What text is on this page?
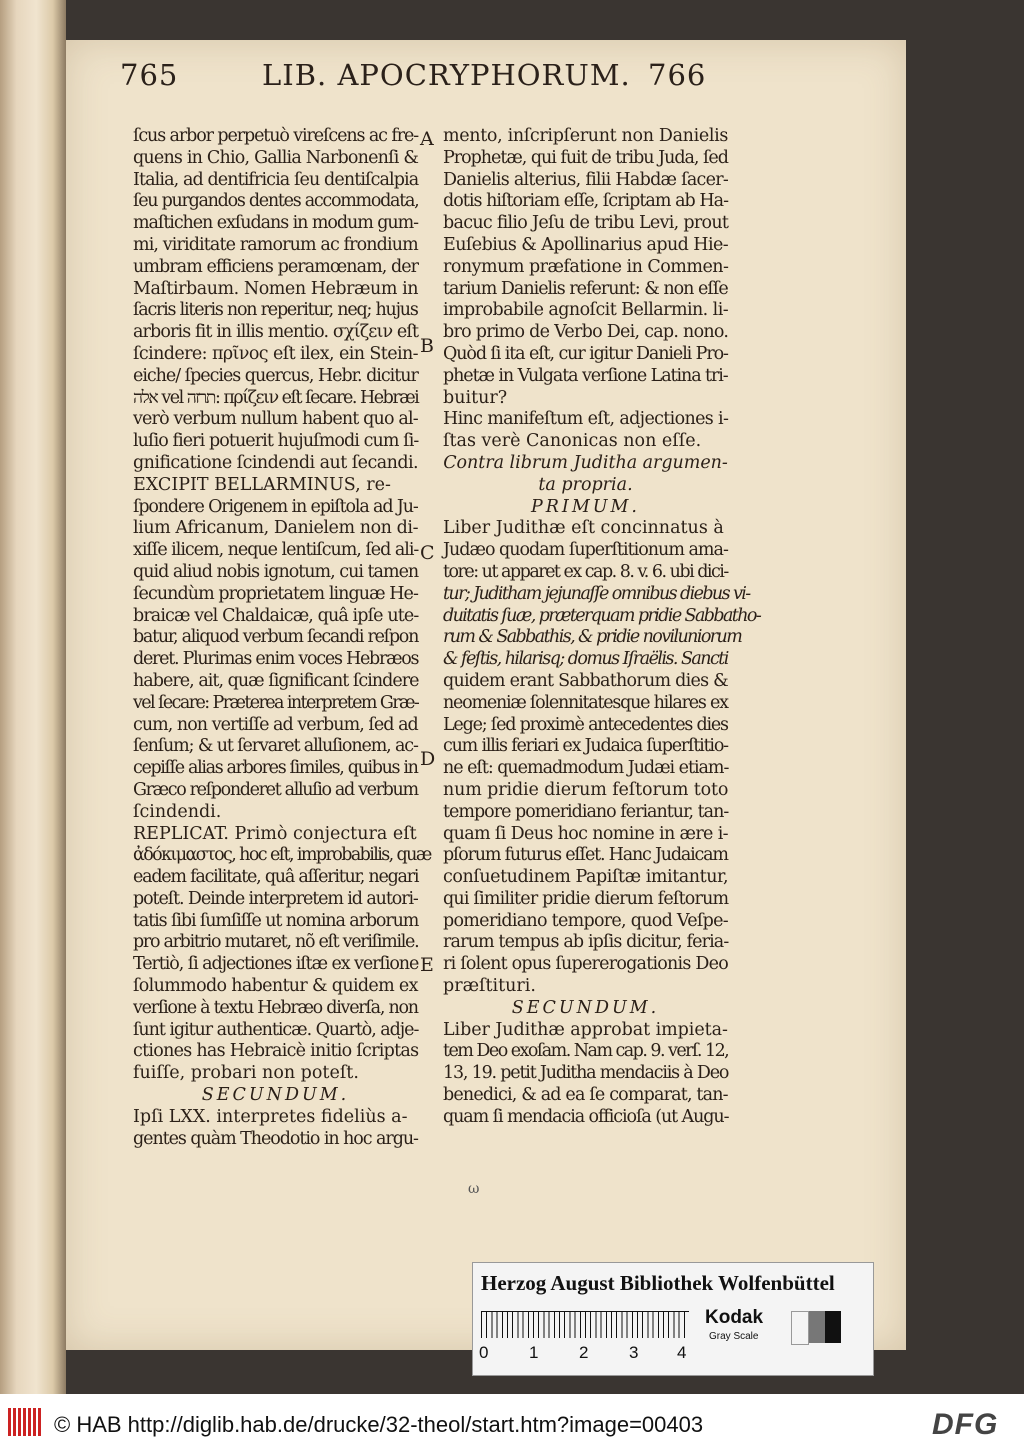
765	LIB. APOCRYPHORUM. 766
ſcus arbor perpetuò vireſcens ac fre-
quens in Chio, Gallia Narbonenſi &
Italia, ad dentifricia ſeu dentiſcalpia
ſeu purgandos dentes accommodata,
maſtichen exſudans in modum gum-
mi, viriditate ramorum ac frondium
umbram efficiens peramœnam, der
Maſtirbaum. Nomen Hebræum in
ſacris literis non reperitur, neq; hujus
arboris fit in illis mentio. σχίζειν eſt
ſcindere: πρῖνος eſt ilex, ein Stein-
eiche/ ſpecies quercus, Hebr. dicitur
אלה vel תרזה: πρίζειν eſt ſecare. Hebræi
verò verbum nullum habent quo al-
luſio fieri potuerit hujuſmodi cum ſi-
gnificatione ſcindendi aut ſecandi.
EXCIPIT BELLARMINUS, re-
ſpondere Origenem in epiſtola ad Ju-
lium Africanum, Danielem non di-
xiſſe ilicem, neque lentiſcum, ſed ali-
quid aliud nobis ignotum, cui tamen
ſecundùm proprietatem linguæ He-
braicæ vel Chaldaicæ, quâ ipſe ute-
batur, aliquod verbum ſecandi reſpon
deret. Plurimas enim voces Hebræos
habere, ait, quæ ſignificant ſcindere
vel ſecare: Præterea interpretem Græ-
cum, non vertiſſe ad verbum, ſed ad
ſenſum; & ut ſervaret alluſionem, ac-
cepiſſe alias arbores ſimiles, quibus in
Græco reſponderet alluſio ad verbum
ſcindendi.
REPLICAT. Primò conjectura eſt
ἀδόκιμαστος, hoc eſt, improbabilis, quæ
eadem facilitate, quâ aſſeritur, negari
poteſt. Deinde interpretem id autori-
tatis ſibi ſumſiſſe ut nomina arborum
pro arbitrio mutaret, nõ eſt veriſimile.
Tertiò, ſi adjectiones iſtæ ex verſione
ſolummodo habentur & quidem ex
verſione à textu Hebræo diverſa, non
ſunt igitur authenticæ. Quartò, adje-
ctiones has Hebraicè initio ſcriptas
fuiſſe, probari non poteſt.
SECUNDUM.
Ipſi LXX. interpretes fideliùs a-
gentes quàm Theodotio in hoc argu-
mento, inſcripſerunt non Danielis
Prophetæ, qui fuit de tribu Juda, ſed
Danielis alterius, filii Habdæ ſacer-
dotis hiſtoriam eſſe, ſcriptam ab Ha-
bacuc filio Jeſu de tribu Levi, prout
Euſebius & Apollinarius apud Hie-
ronymum præfatione in Commen-
tarium Danielis referunt: & non eſſe
improbabile agnoſcit Bellarmin. li-
bro primo de Verbo Dei, cap. nono.
Quòd ſi ita eſt, cur igitur Danieli Pro-
phetæ in Vulgata verſione Latina tri-
buitur?
Hinc manifeſtum eſt, adjectiones i-
ſtas verè Canonicas non eſſe.
Contra librum Juditha argumen-
ta propria.
PRIMUM.
Liber Judithæ eſt concinnatus à
Judæo quodam ſuperſtitionum ama-
tore: ut apparet ex cap. 8. v. 6. ubi dici-
tur; Juditham jejunaſſe omnibus diebus vi-
duitatis ſuæ, præterquam pridie Sabbatho-
rum & Sabbathis, & pridie noviluniorum
& feſtis, hilarisq; domus Iſraëlis. Sancti
quidem erant Sabbathorum dies &
neomeniæ ſolennitatesque hilares ex
Lege; ſed proximè antecedentes dies
cum illis feriari ex Judaica ſuperſtitio-
ne eſt: quemadmodum Judæi etiam-
num pridie dierum feſtorum toto
tempore pomeridiano feriantur, tan-
quam ſi Deus hoc nomine in ære i-
pſorum futurus eſſet. Hanc Judaicam
conſuetudinem Papiſtæ imitantur,
qui ſimiliter pridie dierum feſtorum
pomeridiano tempore, quod Veſpe-
rarum tempus ab ipſis dicitur, feria-
ri ſolent opus ſupererogationis Deo
præſtituri.
SECUNDUM.
Liber Judithæ approbat impieta-
tem Deo exoſam. Nam cap. 9. verſ. 12,
13, 19. petit Juditha mendaciis à Deo
benedici, & ad ea ſe comparat, tan-
quam ſi mendacia officioſa (ut Augu-
A
B
C
D
E
ω
Herzog August Bibliothek Wolfenbüttel
0 1 2 3 4
Kodak
Gray Scale
© HAB http://diglib.hab.de/drucke/32-theol/start.htm?image=00403	DFG
